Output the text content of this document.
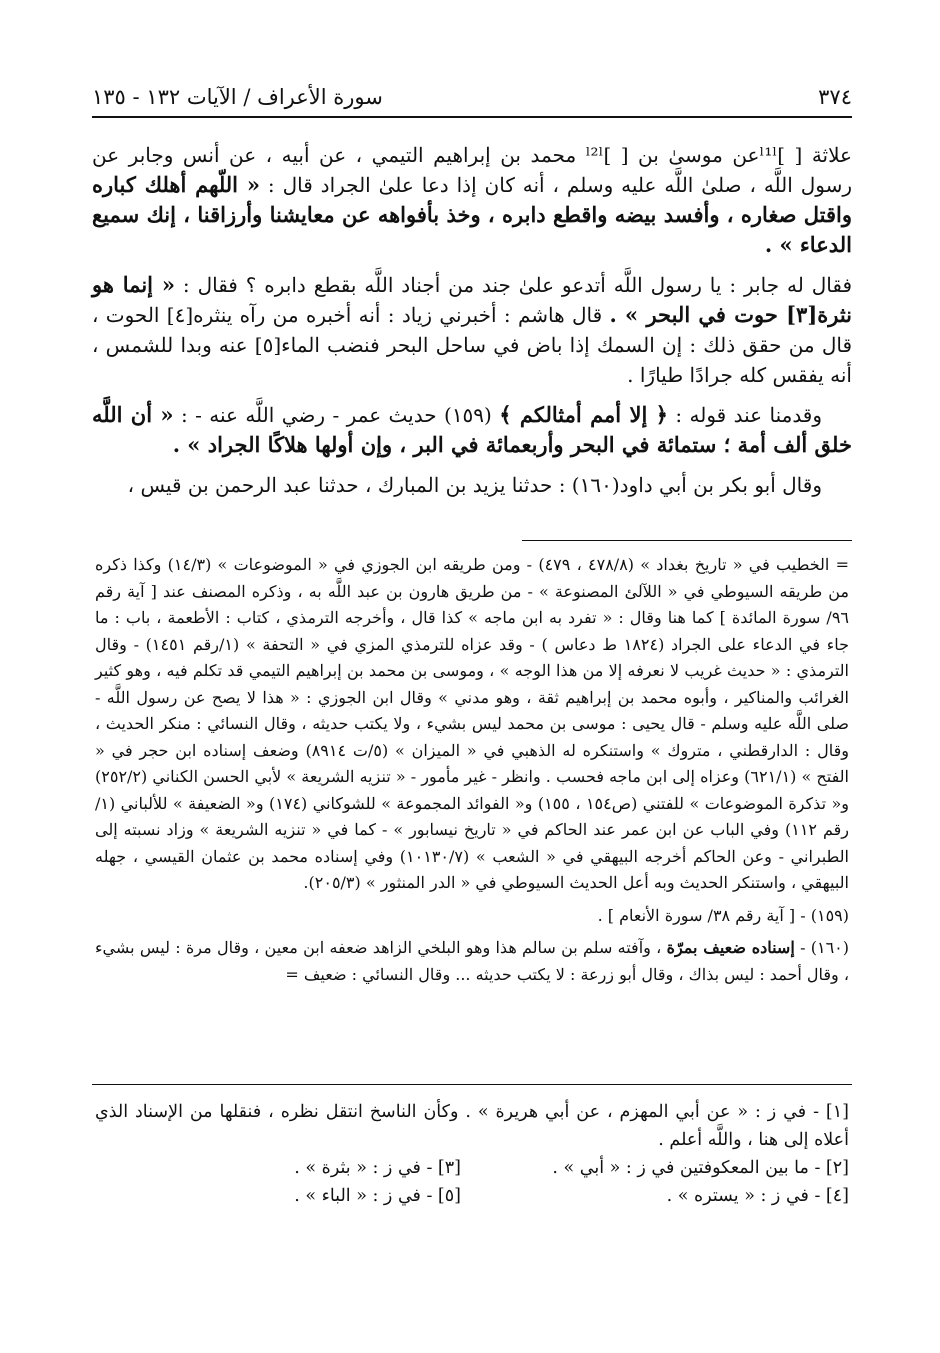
٣٧٤
سورة الأعراف / الآيات ١٣٢ - ١٣٥

علاثة [ ]ˡ¹ˡعن موسىٰ بن [ ]ˡ²ˡ محمد بن إبراهيم التيمي ، عن أبيه ، عن أنس وجابر عن رسول اللَّه ، صلىٰ اللَّه عليه وسلم ، أنه كان إذا دعا علىٰ الجراد قال : « اللّهم أهلك كباره واقتل صغاره ، وأفسد بيضه واقطع دابره ، وخذ بأفواهه عن معايشنا وأرزاقنا ، إنك سميع الدعاء » .

فقال له جابر : يا رسول اللَّه أتدعو علىٰ جند من أجناد اللَّه بقطع دابره ؟ فقال : « إنما هو نثرة[٣] حوت في البحر » . قال هاشم : أخبرني زياد : أنه أخبره من رآه ينثره[٤] الحوت ، قال من حقق ذلك : إن السمك إذا باض في ساحل البحر فنضب الماء[٥] عنه وبدا للشمس ، أنه يفقس كله جرادًا طيارًا .

وقدمنا عند قوله : ﴿ إلا أمم أمثالكم ﴾ (١٥٩) حديث عمر - رضي اللَّه عنه - : « أن اللَّه خلق ألف أمة ؛ ستمائة في البحر وأربعمائة في البر ، وإن أولها هلاكًا الجراد » .

وقال أبو بكر بن أبي داود(١٦٠) : حدثنا يزيد بن المبارك ، حدثنا عبد الرحمن بن قيس ،

= الخطيب في « تاريخ بغداد » (٤٧٨/٨ ، ٤٧٩) - ومن طريقه ابن الجوزي في « الموضوعات » (١٤/٣) وكذا ذكره من طريقه السيوطي في « اللآلئ المصنوعة » - من طريق هارون بن عبد اللَّه به ، وذكره المصنف عند [ آية رقم ٩٦/ سورة المائدة ] كما هنا وقال : « تفرد به ابن ماجه » كذا قال ، وأخرجه الترمذي ، كتاب : الأطعمة ، باب : ما جاء في الدعاء على الجراد (١٨٢٤ ط دعاس ) - وقد عزاه للترمذي المزي في « التحفة » (١/رقم ١٤٥١) - وقال الترمذي : « حديث غريب لا نعرفه إلا من هذا الوجه » ، وموسى بن محمد بن إبراهيم التيمي قد تكلم فيه ، وهو كثير الغرائب والمناكير ، وأبوه محمد بن إبراهيم ثقة ، وهو مدني » وقال ابن الجوزي : « هذا لا يصح عن رسول اللَّه - صلى اللَّه عليه وسلم - قال يحيى : موسى بن محمد ليس بشيء ، ولا يكتب حديثه ، وقال النسائي : منكر الحديث ، وقال : الدارقطني ، متروك » واستنكره له الذهبي في « الميزان » (٥/ت ٨٩١٤) وضعف إسناده ابن حجر في « الفتح » (٦٢١/١) وعزاه إلى ابن ماجه فحسب . وانظر - غير مأمور - « تنزيه الشريعة » لأبي الحسن الكناني (٢٥٢/٢) و« تذكرة الموضوعات » للفتني (ص١٥٤ ، ١٥٥) و« الفوائد المجموعة » للشوكاني (١٧٤) و« الضعيفة » للألباني (١/رقم ١١٢) وفي الباب عن ابن عمر عند الحاكم في « تاريخ نيسابور » - كما في « تنزيه الشريعة » وزاد نسبته إلى الطبراني - وعن الحاكم أخرجه البيهقي في « الشعب » (١٠١٣٠/٧) وفي إسناده محمد بن عثمان القيسي ، جهله البيهقي ، واستنكر الحديث وبه أعل الحديث السيوطي في « الدر المنثور » (٢٠٥/٣).

(١٥٩) - [ آية رقم ٣٨/ سورة الأنعام ] .

(١٦٠) - إسناده ضعيف بمرّة ، وآفته سلم بن سالم هذا وهو البلخي الزاهد ضعفه ابن معين ، وقال مرة : ليس بشيء ، وقال أحمد : ليس بذاك ، وقال أبو زرعة : لا يكتب حديثه ... وقال النسائي : ضعيف =

[١] - في ز : « عن أبي المهزم ، عن أبي هريرة » . وكأن الناسخ انتقل نظره ، فنقلها من الإسناد الذي أعلاه إلى هنا ، واللَّه أعلم .

[٢] - ما بين المعكوفتين في ز : « أبي » .
[٣] - في ز : « بثرة » .
[٤] - في ز : « يستره » .
[٥] - في ز : « الباء » .
